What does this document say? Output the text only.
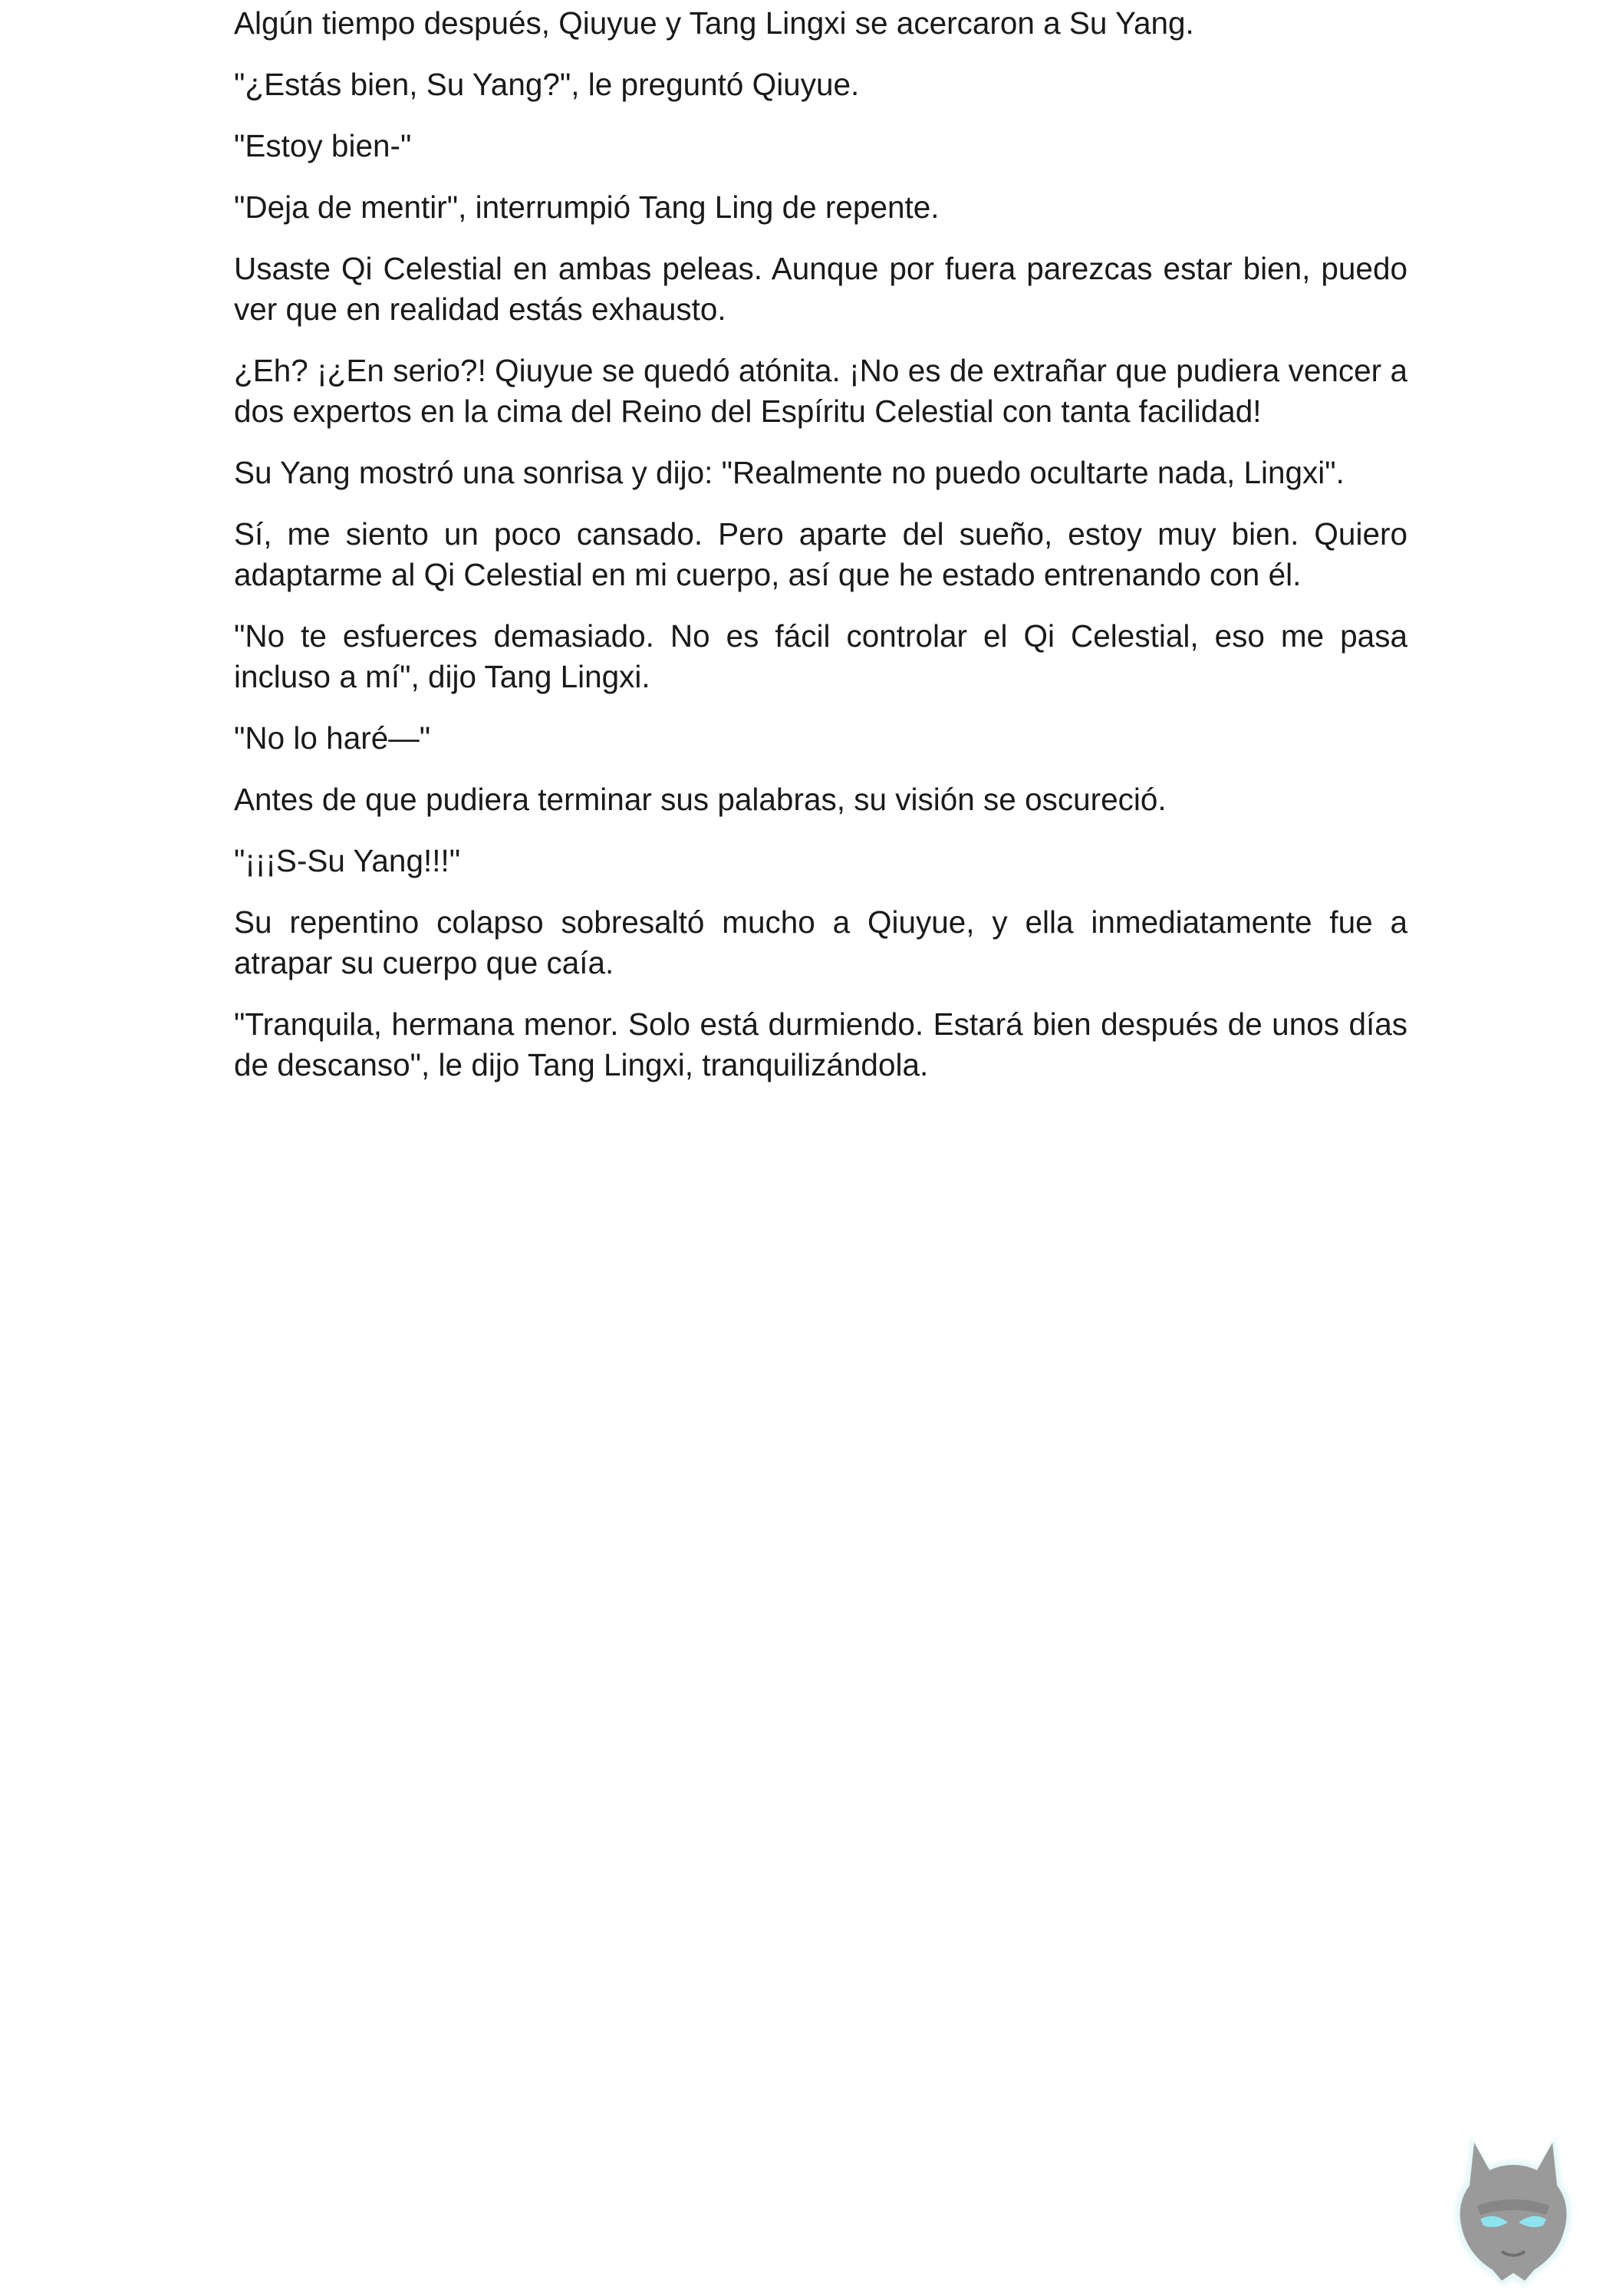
Algún tiempo después, Qiuyue y Tang Lingxi se acercaron a Su Yang.

"¿Estás bien, Su Yang?", le preguntó Qiuyue.

"Estoy bien-"

"Deja de mentir", interrumpió Tang Ling de repente.

Usaste Qi Celestial en ambas peleas. Aunque por fuera parezcas estar bien, puedo ver que en realidad estás exhausto.

¿Eh? ¡¿En serio?! Qiuyue se quedó atónita. ¡No es de extrañar que pudiera vencer a dos expertos en la cima del Reino del Espíritu Celestial con tanta facilidad!

Su Yang mostró una sonrisa y dijo: "Realmente no puedo ocultarte nada, Lingxi".

Sí, me siento un poco cansado. Pero aparte del sueño, estoy muy bien. Quiero adaptarme al Qi Celestial en mi cuerpo, así que he estado entrenando con él.

"No te esfuerces demasiado. No es fácil controlar el Qi Celestial, eso me pasa incluso a mí", dijo Tang Lingxi.

"No lo haré—"

Antes de que pudiera terminar sus palabras, su visión se oscureció.

"¡¡¡S-Su Yang!!!"

Su repentino colapso sobresaltó mucho a Qiuyue, y ella inmediatamente fue a atrapar su cuerpo que caía.

"Tranquila, hermana menor. Solo está durmiendo. Estará bien después de unos días de descanso", le dijo Tang Lingxi, tranquilizándola.
